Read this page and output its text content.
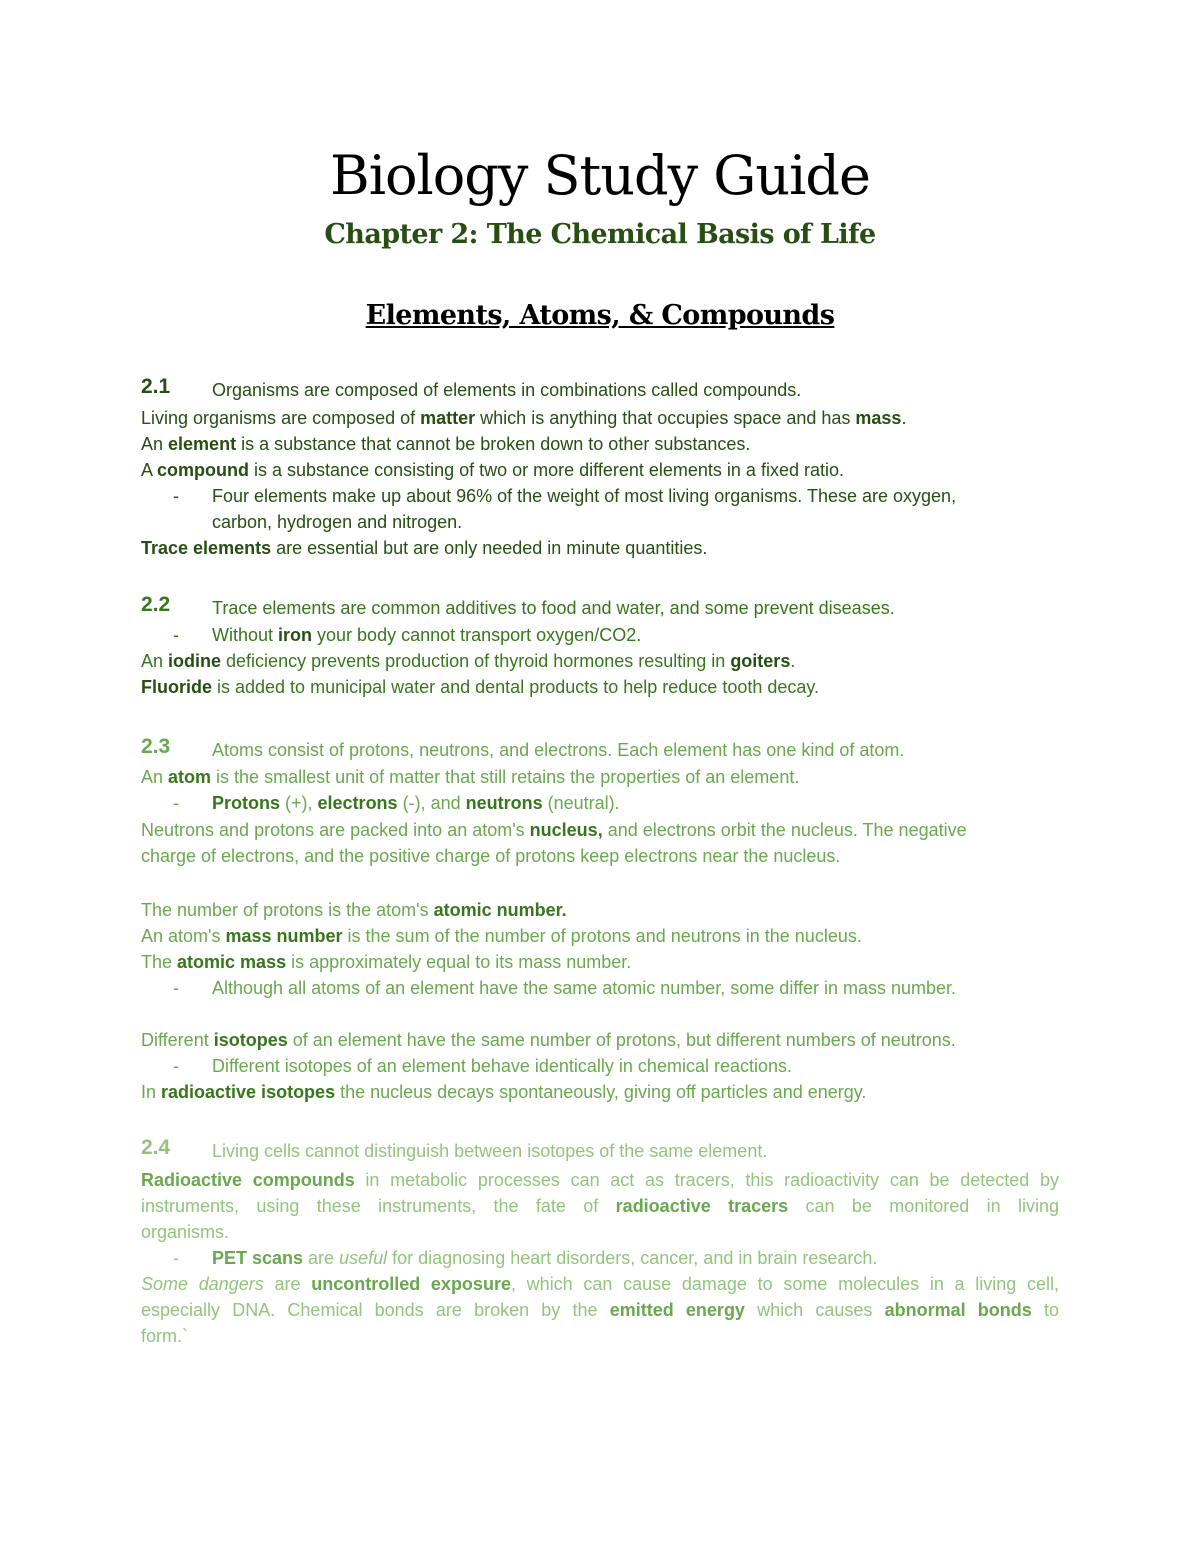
Biology Study Guide
Chapter 2: The Chemical Basis of Life
Elements, Atoms, & Compounds
2.1 Organisms are composed of elements in combinations called compounds.
Living organisms are composed of matter which is anything that occupies space and has mass.
An element is a substance that cannot be broken down to other substances.
A compound is a substance consisting of two or more different elements in a fixed ratio.
- Four elements make up about 96% of the weight of most living organisms. These are oxygen,
carbon, hydrogen and nitrogen.
Trace elements are essential but are only needed in minute quantities.
2.2 Trace elements are common additives to food and water, and some prevent diseases.
- Without iron your body cannot transport oxygen/CO2.
An iodine deficiency prevents production of thyroid hormones resulting in goiters.
Fluoride is added to municipal water and dental products to help reduce tooth decay.
2.3 Atoms consist of protons, neutrons, and electrons. Each element has one kind of atom.
An atom is the smallest unit of matter that still retains the properties of an element.
- Protons (+), electrons (-), and neutrons (neutral).
Neutrons and protons are packed into an atom's nucleus, and electrons orbit the nucleus. The negative
charge of electrons, and the positive charge of protons keep electrons near the nucleus.
The number of protons is the atom's atomic number.
An atom's mass number is the sum of the number of protons and neutrons in the nucleus.
The atomic mass is approximately equal to its mass number.
- Although all atoms of an element have the same atomic number, some differ in mass number.
Different isotopes of an element have the same number of protons, but different numbers of neutrons.
- Different isotopes of an element behave identically in chemical reactions.
In radioactive isotopes the nucleus decays spontaneously, giving off particles and energy.
2.4 Living cells cannot distinguish between isotopes of the same element.
Radioactive compounds in metabolic processes can act as tracers, this radioactivity can be detected by
instruments, using these instruments, the fate of radioactive tracers can be monitored in living
organisms.
- PET scans are useful for diagnosing heart disorders, cancer, and in brain research.
Some dangers are uncontrolled exposure, which can cause damage to some molecules in a living cell,
especially DNA. Chemical bonds are broken by the emitted energy which causes abnormal bonds to
form.`
